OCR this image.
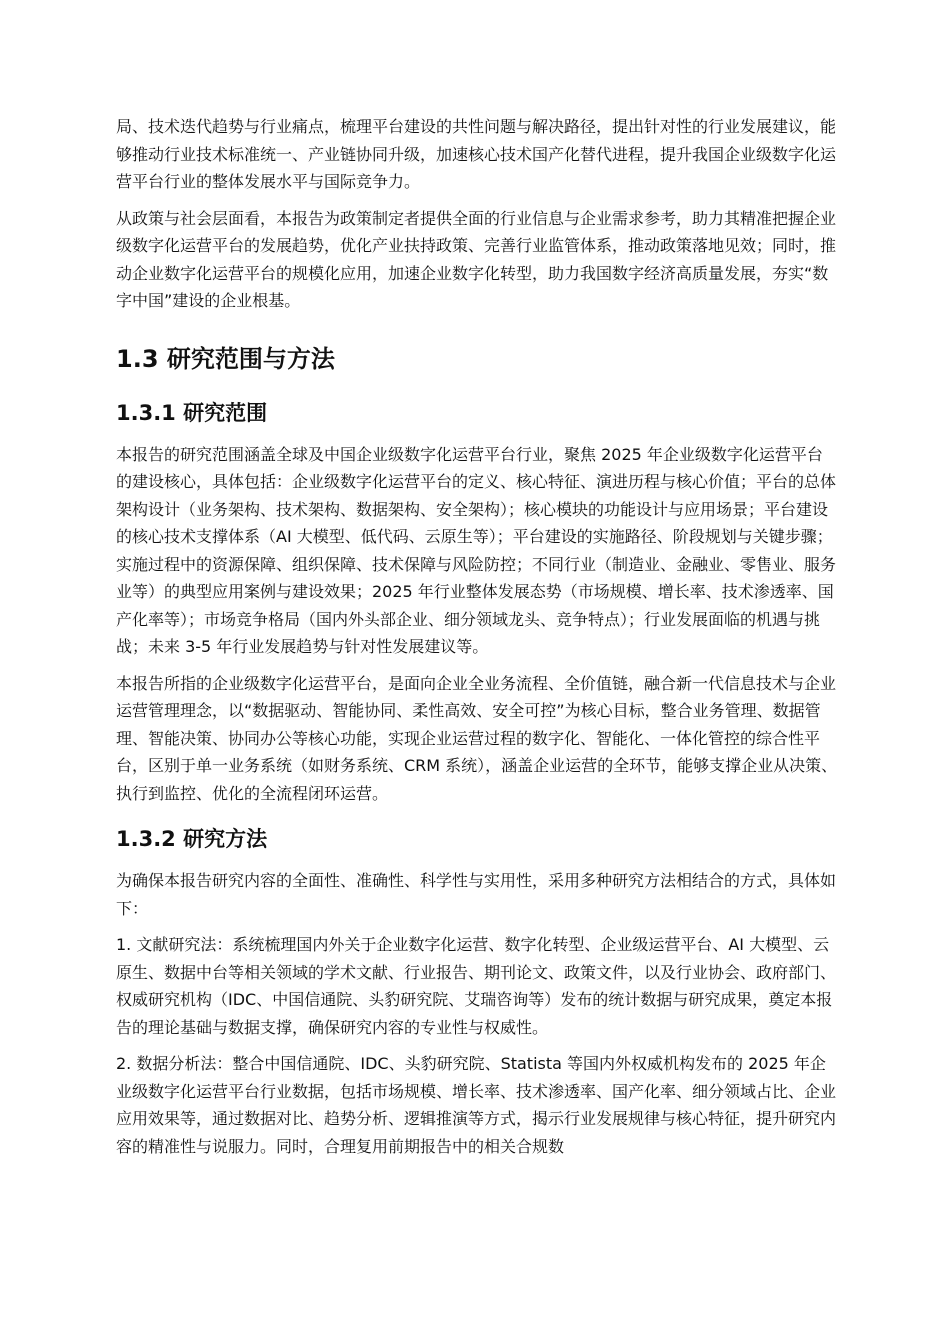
局、技术迭代趋势与行业痛点，梳理平台建设的共性问题与解决路径，提出针对性的行业发展建议，能够推动行业技术标准统一、产业链协同升级，加速核心技术国产化替代进程，提升我国企业级数字化运营平台行业的整体发展水平与国际竞争力。

从政策与社会层面看，本报告为政策制定者提供全面的行业信息与企业需求参考，助力其精准把握企业级数字化运营平台的发展趋势，优化产业扶持政策、完善行业监管体系，推动政策落地见效；同时，推动企业数字化运营平台的规模化应用，加速企业数字化转型，助力我国数字经济高质量发展，夯实“数字中国”建设的企业根基。

1.3 研究范围与方法
1.3.1 研究范围

本报告的研究范围涵盖全球及中国企业级数字化运营平台行业，聚焦 2025 年企业级数字化运营平台的建设核心，具体包括：企业级数字化运营平台的定义、核心特征、演进历程与核心价值；平台的总体架构设计（业务架构、技术架构、数据架构、安全架构）；核心模块的功能设计与应用场景；平台建设的核心技术支撑体系（AI 大模型、低代码、云原生等）；平台建设的实施路径、阶段规划与关键步骤；实施过程中的资源保障、组织保障、技术保障与风险防控；不同行业（制造业、金融业、零售业、服务业等）的典型应用案例与建设效果；2025 年行业整体发展态势（市场规模、增长率、技术渗透率、国产化率等）；市场竞争格局（国内外头部企业、细分领域龙头、竞争特点）；行业发展面临的机遇与挑战；未来 3-5 年行业发展趋势与针对性发展建议等。

本报告所指的企业级数字化运营平台，是面向企业全业务流程、全价值链，融合新一代信息技术与企业运营管理理念，以“数据驱动、智能协同、柔性高效、安全可控”为核心目标，整合业务管理、数据管理、智能决策、协同办公等核心功能，实现企业运营过程的数字化、智能化、一体化管控的综合性平台，区别于单一业务系统（如财务系统、CRM 系统），涵盖企业运营的全环节，能够支撑企业从决策、执行到监控、优化的全流程闭环运营。

1.3.2 研究方法

为确保本报告研究内容的全面性、准确性、科学性与实用性，采用多种研究方法相结合的方式，具体如下：

1. 文献研究法：系统梳理国内外关于企业数字化运营、数字化转型、企业级运营平台、AI 大模型、云原生、数据中台等相关领域的学术文献、行业报告、期刊论文、政策文件，以及行业协会、政府部门、权威研究机构（IDC、中国信通院、头豹研究院、艾瑞咨询等）发布的统计数据与研究成果，奠定本报告的理论基础与数据支撑，确保研究内容的专业性与权威性。

2. 数据分析法：整合中国信通院、IDC、头豹研究院、Statista 等国内外权威机构发布的 2025 年企业级数字化运营平台行业数据，包括市场规模、增长率、技术渗透率、国产化率、细分领域占比、企业应用效果等，通过数据对比、趋势分析、逻辑推演等方式，揭示行业发展规律与核心特征，提升研究内容的精准性与说服力。同时，合理复用前期报告中的相关合规数
